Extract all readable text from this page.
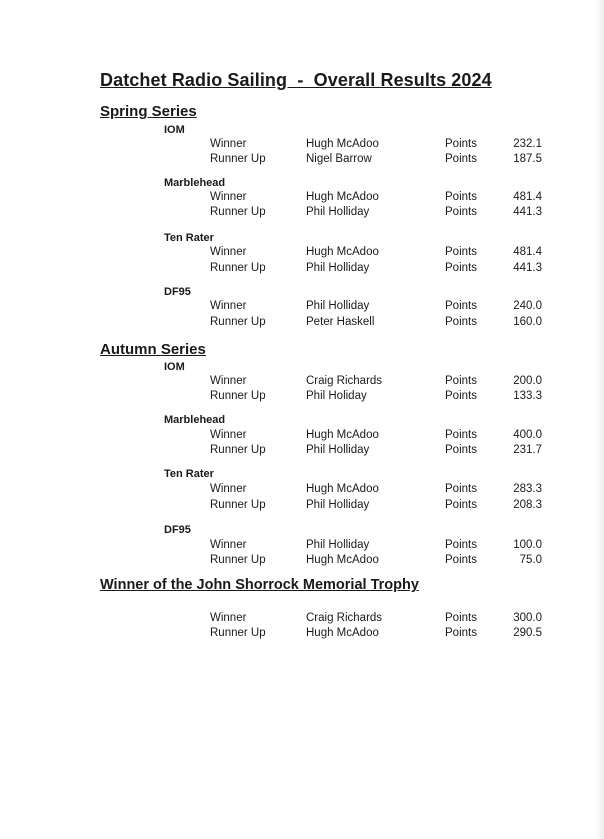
Datchet Radio Sailing  -  Overall Results 2024
Spring Series
IOM
Winner	Hugh McAdoo	Points	232.1
Runner Up	Nigel Barrow	Points	187.5
Marblehead
Winner	Hugh McAdoo	Points	481.4
Runner Up	Phil Holliday	Points	441.3
Ten Rater
Winner	Hugh McAdoo	Points	481.4
Runner Up	Phil Holliday	Points	441.3
DF95
Winner	Phil Holliday	Points	240.0
Runner Up	Peter Haskell	Points	160.0
Autumn Series
IOM
Winner	Craig Richards	Points	200.0
Runner Up	Phil Holiday	Points	133.3
Marblehead
Winner	Hugh McAdoo	Points	400.0
Runner Up	Phil Holliday	Points	231.7
Ten Rater
Winner	Hugh McAdoo	Points	283.3
Runner Up	Phil Holliday	Points	208.3
DF95
Winner	Phil Holliday	Points	100.0
Runner Up	Hugh McAdoo	Points	75.0
Winner of the John Shorrock Memorial Trophy
Winner	Craig Richards	Points	300.0
Runner Up	Hugh McAdoo	Points	290.5
